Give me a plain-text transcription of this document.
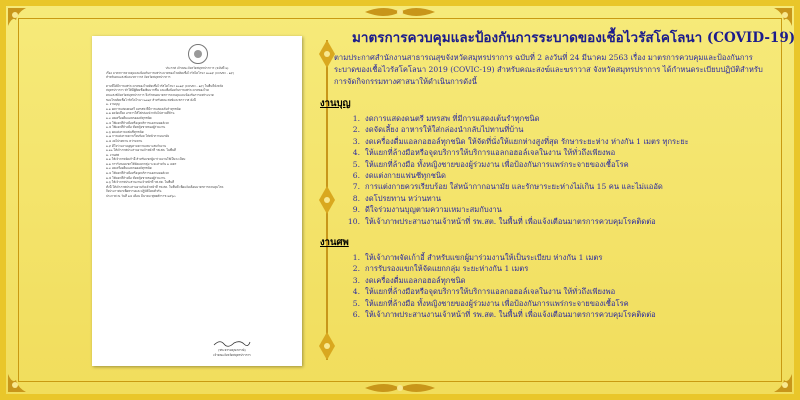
ประกาศ เจ้าคณะจังหวัดสมุทรปราการ (ฉบับที่ ๒)
เรื่อง มาตรการควบคุมและป้องกันการแพร่ระบาดของโรคติดเชื้อไวรัสโคโรนา ๒๐๑๙ (COVID - ๑๙)
สำหรับคณะสงฆ์และฆราวาส จังหวัดสมุทรปราการ
ตามที่ได้มีการแพร่ระบาดของโรคติดเชื้อไวรัสโคโรนา ๒๐๑๙ (COVID - ๑๙) ในพื้นที่จังหวัด
สมุทรปราการ ทำให้มีผู้ติดเชื้อเพิ่มมากขึ้น และเพื่อป้องกันการแพร่ระบาดของโรค
คณะสงฆ์จังหวัดสมุทรปราการ จึงกำหนดมาตรการควบคุมและป้องกันการแพร่ระบาด
ของโรคติดเชื้อไวรัสโคโรนา ๒๐๑๙ สำหรับคณะสงฆ์และฆราวาส ดังนี้
๑. งานบุญ
๑.๑ งดการแสดงดนตรี มหรสพ ที่มีการแสดงเต้นรำทุกชนิด
๑.๒ งดจัดเลี้ยง อาหารให้ใส่กล่องนำกลับไปทานที่บ้าน
๑.๓ งดเครื่องดื่มแอลกอฮอล์ทุกชนิด
๑.๔ ให้แยกที่ล้างมือหรือจุดบริการแอลกอฮอล์เจล
๑.๕ ให้แยกที่ล้างมือ ทั้งหญิงชายของผู้ร่วมงาน
๑.๖ งดแต่งกายแฟนซีทุกชนิด
๑.๗ การแต่งกายควรเรียบร้อย ใส่หน้ากากอนามัย
๑.๘ งดโปรยทาน หว่านทาน
๑.๙ ดีใจร่วมงานบุญตามความเหมาะสมกับงาน
๑.๑๐ ให้เจ้าภาพประสานงานเจ้าหน้าที่ รพ.สต. ในพื้นที่
๒. งานศพ
๒.๑ ให้เจ้าภาพจัดเก้าอี้ สำหรับแขกผู้มาร่วมงานให้เป็นระเบียบ
๒.๒ การรับรองแขกให้จัดแยกกลุ่ม ระยะห่างกัน ๑ เมตร
๒.๓ งดเครื่องดื่มแอลกอฮอล์ทุกชนิด
๒.๔ ให้แยกที่ล้างมือหรือจุดบริการแอลกอฮอล์เจล
๒.๕ ให้แยกที่ล้างมือ ทั้งหญิงชายของผู้ร่วมงาน
๒.๖ ให้เจ้าภาพประสานงานเจ้าหน้าที่ รพ.สต. ในพื้นที่
ทั้งนี้ ให้เจ้าภาพประสานงานกับเจ้าหน้าที่ รพ.สต. ในพื้นที่ เพื่อแจ้งเตือนมาตรการควบคุมโรค
จึงประกาศมาเพื่อทราบและปฏิบัติโดยทั่วกัน
ประกาศ ณ วันที่ ๒๔ เดือน มีนาคม พุทธศักราช ๒๕๖๓
(พระธรรมคุณาภรณ์)
เจ้าคณะจังหวัดสมุทรปราการ
มาตรการควบคุมและป้องกันการระบาดของเชื้อไวรัสโคโลนา (COVID-19)
ตามประกาศสำนักงานสาธารณสุขจังหวัดสมุทรปราการ ฉบับที่ 2 ลงวันที่ 24 มีนาคม 2563 เรื่อง มาตรการควบคุมและป้องกันการระบาดของเชื้อไวรัสโคโลนา 2019 (COVIC-19) สำหรับคณะสงฆ์และฆราวาส จังหวัดสมุทรปราการ ได้กำหนดระเบียบปฏิบัติสำหรับการจัดกิจกรรมทางศาสนาให้ดำเนินการดังนี้
งานบุญ
1. งดการแสดงดนตรี มหรสพ ที่มีการแสดงเต้นรำทุกชนิด
2. งดจัดเลี้ยง อาหารให้ใส่กล่องนำกลับไปทานที่บ้าน
3. งดเครื่องดื่มแอลกอฮอล์ทุกชนิด ให้จัดที่นั่งให้แยกห่างสูงที่สุด รักษาระยะห่าง ห่างกัน 1 เมตร ทุกระยะ
4. ให้แยกที่ล้างมือหรือจุดบริการให้บริการแอลกอฮอล์เจลในงาน ให้ทั่วถึงเพียงพอ
5. ให้แยกที่ล้างมือ ทั้งหญิงชายของผู้ร่วมงาน เพื่อป้องกันการแพร่กระจายของเชื้อโรค
6. งดแต่งกายแฟนซีทุกชนิด
7. การแต่งกายควรเรียบร้อย ใส่หน้ากากอนามัย และรักษาระยะห่างไม่เกิน 15 คน และไม่แออัด
8. งดโปรยทาน หว่านทาน
9. ดีใจร่วมงานบุญตามความเหมาะสมกับงาน
10. ให้เจ้าภาพประสานงานเจ้าหน้าที่ รพ.สต. ในพื้นที่ เพื่อแจ้งเตือนมาตรการควบคุมโรคติดต่อ
งานศพ
1. ให้เจ้าภาพจัดเก้าอี้ สำหรับแขกผู้มาร่วมงานให้เป็นระเบียบ ห่างกัน 1 เมตร
2. การรับรองแขกให้จัดแยกกลุ่ม ระยะห่างกัน 1 เมตร
3. งดเครื่องดื่มแอลกอฮอล์ทุกชนิด
4. ให้แยกที่ล้างมือหรือจุดบริการให้บริการแอลกอฮอล์เจลในงาน ให้ทั่วถึงเพียงพอ
5. ให้แยกที่ล้างมือ ทั้งหญิงชายของผู้ร่วมงาน เพื่อป้องกันการแพร่กระจายของเชื้อโรค
6. ให้เจ้าภาพประสานงานเจ้าหน้าที่ รพ.สต. ในพื้นที่ เพื่อแจ้งเตือนมาตรการควบคุมโรคติดต่อ
